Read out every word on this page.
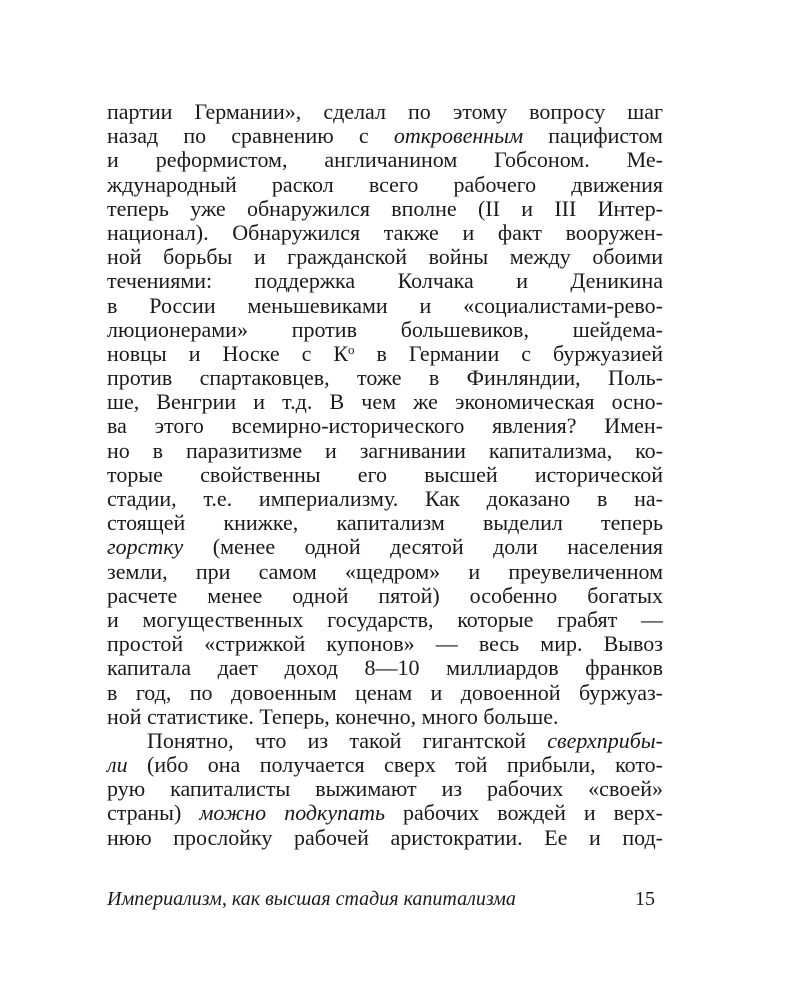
партии Германии», сделал по этому вопросу шаг
назад по сравнению с откровенным пацифистом
и реформистом, англичанином Гобсоном. Ме-
ждународный раскол всего рабочего движения
теперь уже обнаружился вполне (II и III Интер-
национал). Обнаружился также и факт вооружен-
ной борьбы и гражданской войны между обоими
течениями: поддержка Колчака и Деникина
в России меньшевиками и «социалистами-рево-
люционерами» против большевиков, шейдема-
новцы и Носке с $К^о$ в Германии с буржуазией
против спартаковцев, тоже в Финляндии, Поль-
ше, Венгрии и т.д. В чем же экономическая осно-
ва этого всемирно-исторического явления? Имен-
но в паразитизме и загнивании капитализма, ко-
торые свойственны его высшей исторической
стадии, т.е. империализму. Как доказано в на-
стоящей книжке, капитализм выделил теперь
горстку (менее одной десятой доли населения
земли, при самом «щедром» и преувеличенном
расчете менее одной пятой) особенно богатых
и могущественных государств, которые грабят —
простой «стрижкой купонов» — весь мир. Вывоз
капитала дает доход 8—10 миллиардов франков
в год, по довоенным ценам и довоенной буржуаз-
ной статистике. Теперь, конечно, много больше.
Понятно, что из такой гигантской сверхприбы-
ли (ибо она получается сверх той прибыли, кото-
рую капиталисты выжимают из рабочих «своей»
страны) можно подкупать рабочих вождей и верх-
нюю прослойку рабочей аристократии. Ее и под-
Империализм, как высшая стадия капитализма	15
